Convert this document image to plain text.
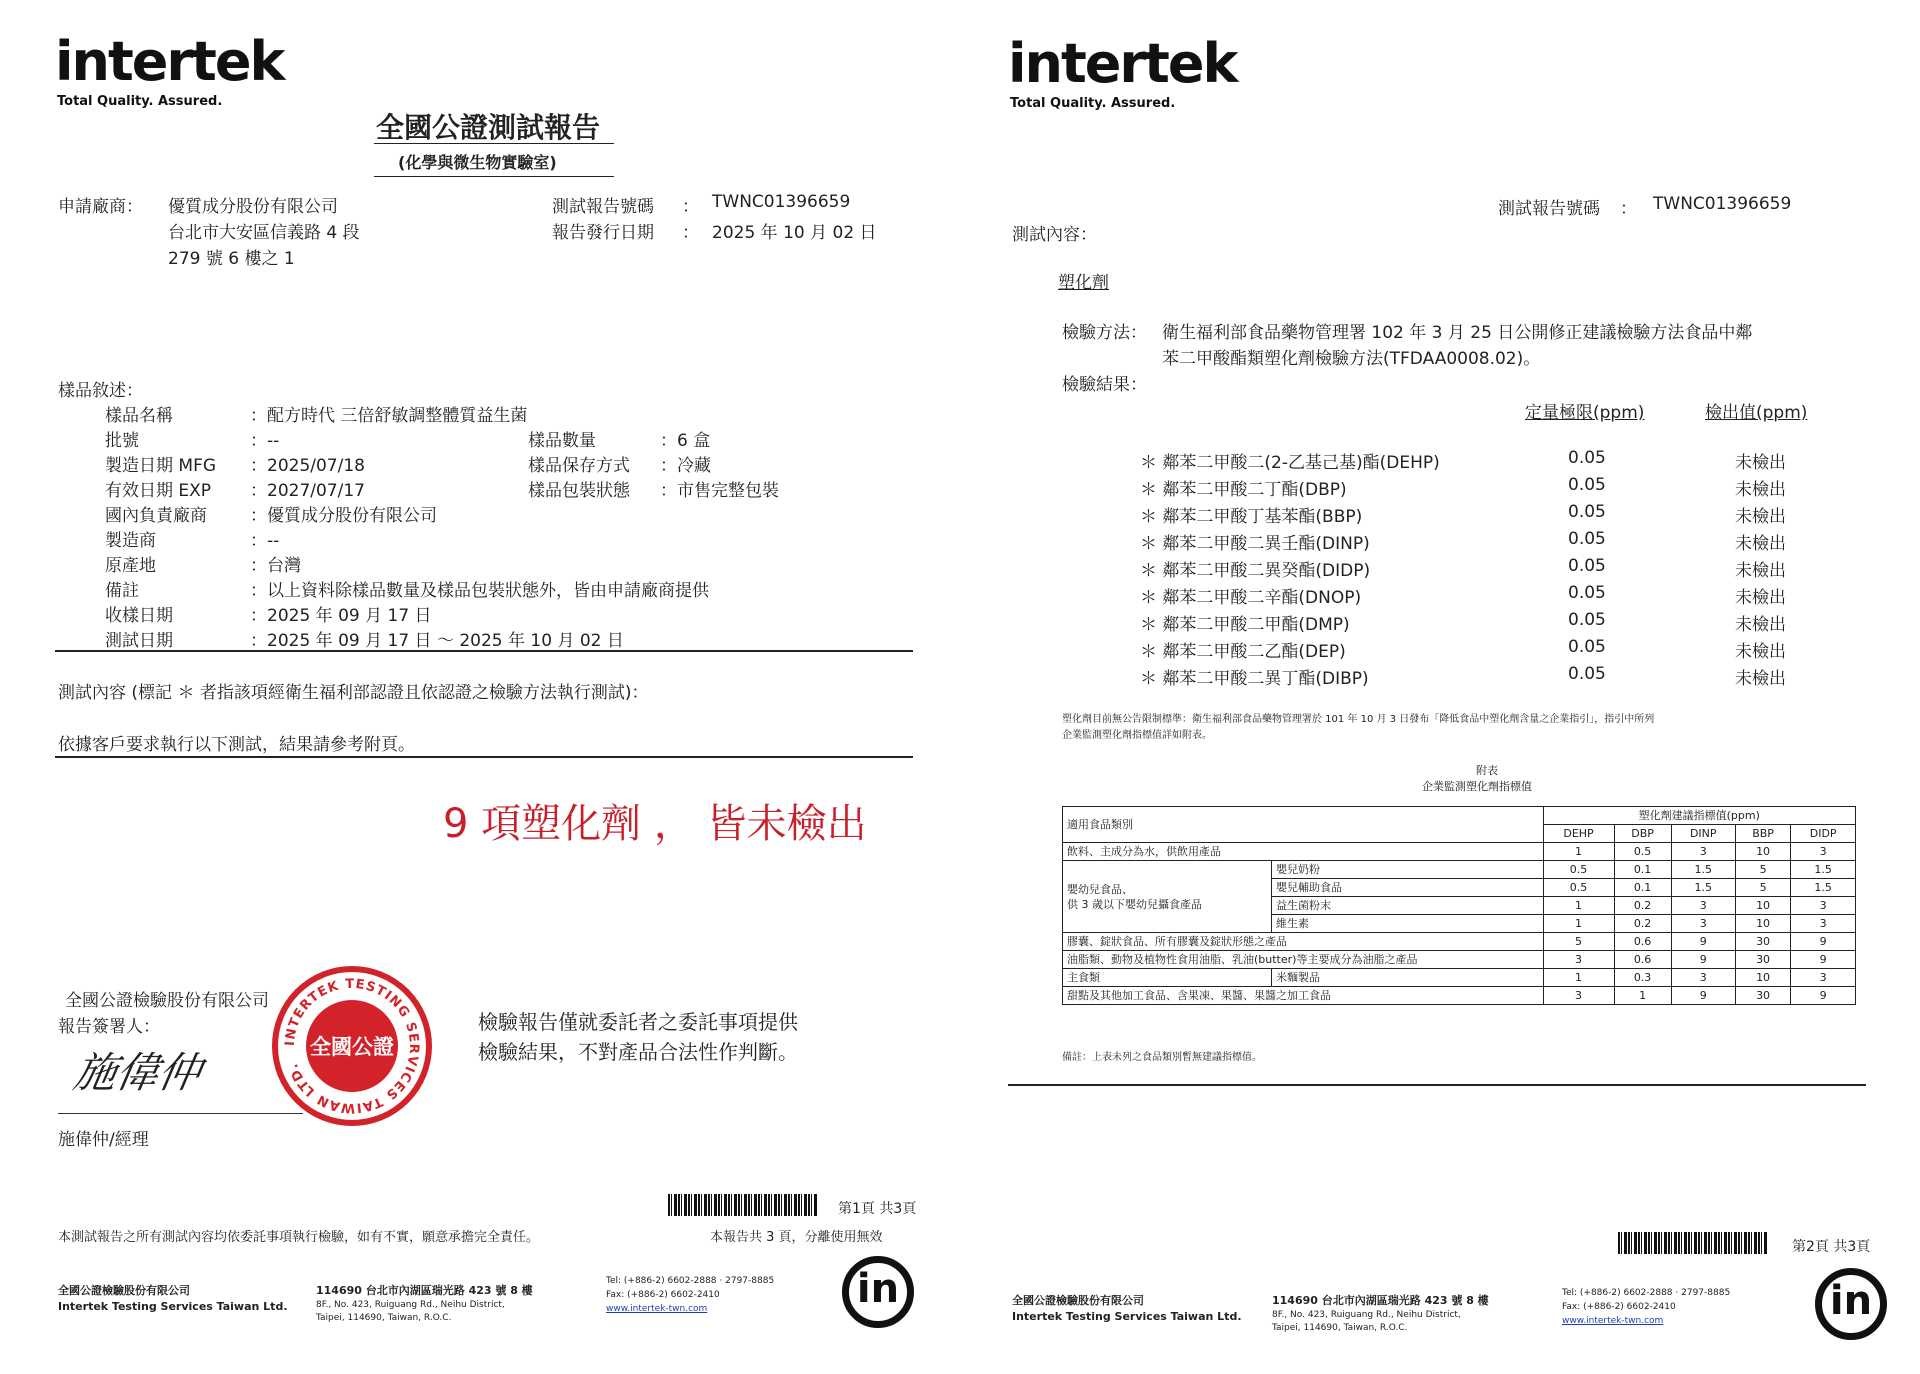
intertek
Total Quality. Assured.
全國公證測試報告
(化學與微生物實驗室)
申請廠商： 優質成分股份有限公司
台北市大安區信義路 4 段
279 號 6 樓之 1
測試報告號碼 ： TWNC01396659
報告發行日期 ： 2025 年 10 月 02 日
樣品敘述：
樣品名稱	：配方時代 三倍舒敏調整體質益生菌
批號	：--
製造日期 MFG ：2025/07/18
有效日期 EXP ：2027/07/17
國內負責廠商	：優質成分股份有限公司
製造商	：--
原產地	：台灣
備註	：以上資料除樣品數量及樣品包裝狀態外，皆由申請廠商提供
收樣日期	：2025 年 09 月 17 日
測試日期	：2025 年 09 月 17 日 ～ 2025 年 10 月 02 日
樣品數量	：6 盒
樣品保存方式 ：冷藏
樣品包裝狀態 ：市售完整包裝
測試內容 (標記 ＊ 者指該項經衛生福利部認證且依認證之檢驗方法執行測試)：
依據客戶要求執行以下測試，結果請參考附頁。
9 項塑化劑 ， 皆未檢出
全國公證檢驗股份有限公司
報告簽署人：
施偉仲
INTERTEK TESTING SERVICES TAIWAN LTD.
全國公證
施偉仲/經理
檢驗報告僅就委託者之委託事項提供
檢驗結果，不對產品合法性作判斷。
第1頁 共3頁
本測試報告之所有測試內容均依委託事項執行檢驗，如有不實，願意承擔完全責任。	本報告共 3 頁，分離使用無效
全國公證檢驗股份有限公司
Intertek Testing Services Taiwan Ltd.
114690 台北市內湖區瑞光路 423 號 8 樓
8F., No. 423, Ruiguang Rd., Neihu District,
Taipei, 114690, Taiwan, R.O.C.
Tel: (+886-2) 6602-2888 · 2797-8885
Fax: (+886-2) 6602-2410
www.intertek-twn.com	in
intertek
Total Quality. Assured.
測試報告號碼 ： TWNC01396659
測試內容：
塑化劑
檢驗方法： 衛生福利部食品藥物管理署 102 年 3 月 25 日公開修正建議檢驗方法食品中鄰
苯二甲酸酯類塑化劑檢驗方法(TFDAA0008.02)。
檢驗結果：
定量極限(ppm)	檢出值(ppm)
＊ 鄰苯二甲酸二(2-乙基己基)酯(DEHP)	0.05	未檢出
＊ 鄰苯二甲酸二丁酯(DBP)	0.05	未檢出
＊ 鄰苯二甲酸丁基苯酯(BBP)	0.05	未檢出
＊ 鄰苯二甲酸二異壬酯(DINP)	0.05	未檢出
＊ 鄰苯二甲酸二異癸酯(DIDP)	0.05	未檢出
＊ 鄰苯二甲酸二辛酯(DNOP)	0.05	未檢出
＊ 鄰苯二甲酸二甲酯(DMP)	0.05	未檢出
＊ 鄰苯二甲酸二乙酯(DEP)	0.05	未檢出
＊ 鄰苯二甲酸二異丁酯(DIBP)	0.05	未檢出
塑化劑目前無公告限制標準：衛生福利部食品藥物管理署於 101 年 10 月 3 日發布「降低食品中塑化劑含量之企業指引」，指引中所列
企業監測塑化劑指標值詳如附表。
附表
企業監測塑化劑指標值
適用食品類別		塑化劑建議指標值(ppm)				
		DEHP	DBP	DINP	BBP	DIDP
飲料、主成分為水，供飲用產品		1	0.5	3	10	3

嬰幼兒食品、
供 3 歲以下嬰幼兒攝食產品	嬰兒奶粉	0.5	0.1	1.5	5	1.5
	嬰兒輔助食品	0.5	0.1	1.5	5	1.5
	益生菌粉末	1	0.2	3	10	3
	維生素	1	0.2	3	10	3
膠囊、錠狀食品、所有膠囊及錠狀形態之產品		5	0.6	9	30	9
油脂類、動物及植物性食用油脂、乳油(butter)等主要成分為油脂之產品		3	0.6	9	30	9
主食類	米麵製品	1	0.3	3	10	3
甜點及其他加工食品、含果凍、果醬、果醬之加工食品		3	1	9	30	9
備註：上表未列之食品類別暫無建議指標值。
第2頁 共3頁
全國公證檢驗股份有限公司
Intertek Testing Services Taiwan Ltd.
114690 台北市內湖區瑞光路 423 號 8 樓
8F., No. 423, Ruiguang Rd., Neihu District,
Taipei, 114690, Taiwan, R.O.C.
Tel: (+886-2) 6602-2888 · 2797-8885
Fax: (+886-2) 6602-2410
www.intertek-twn.com	in
